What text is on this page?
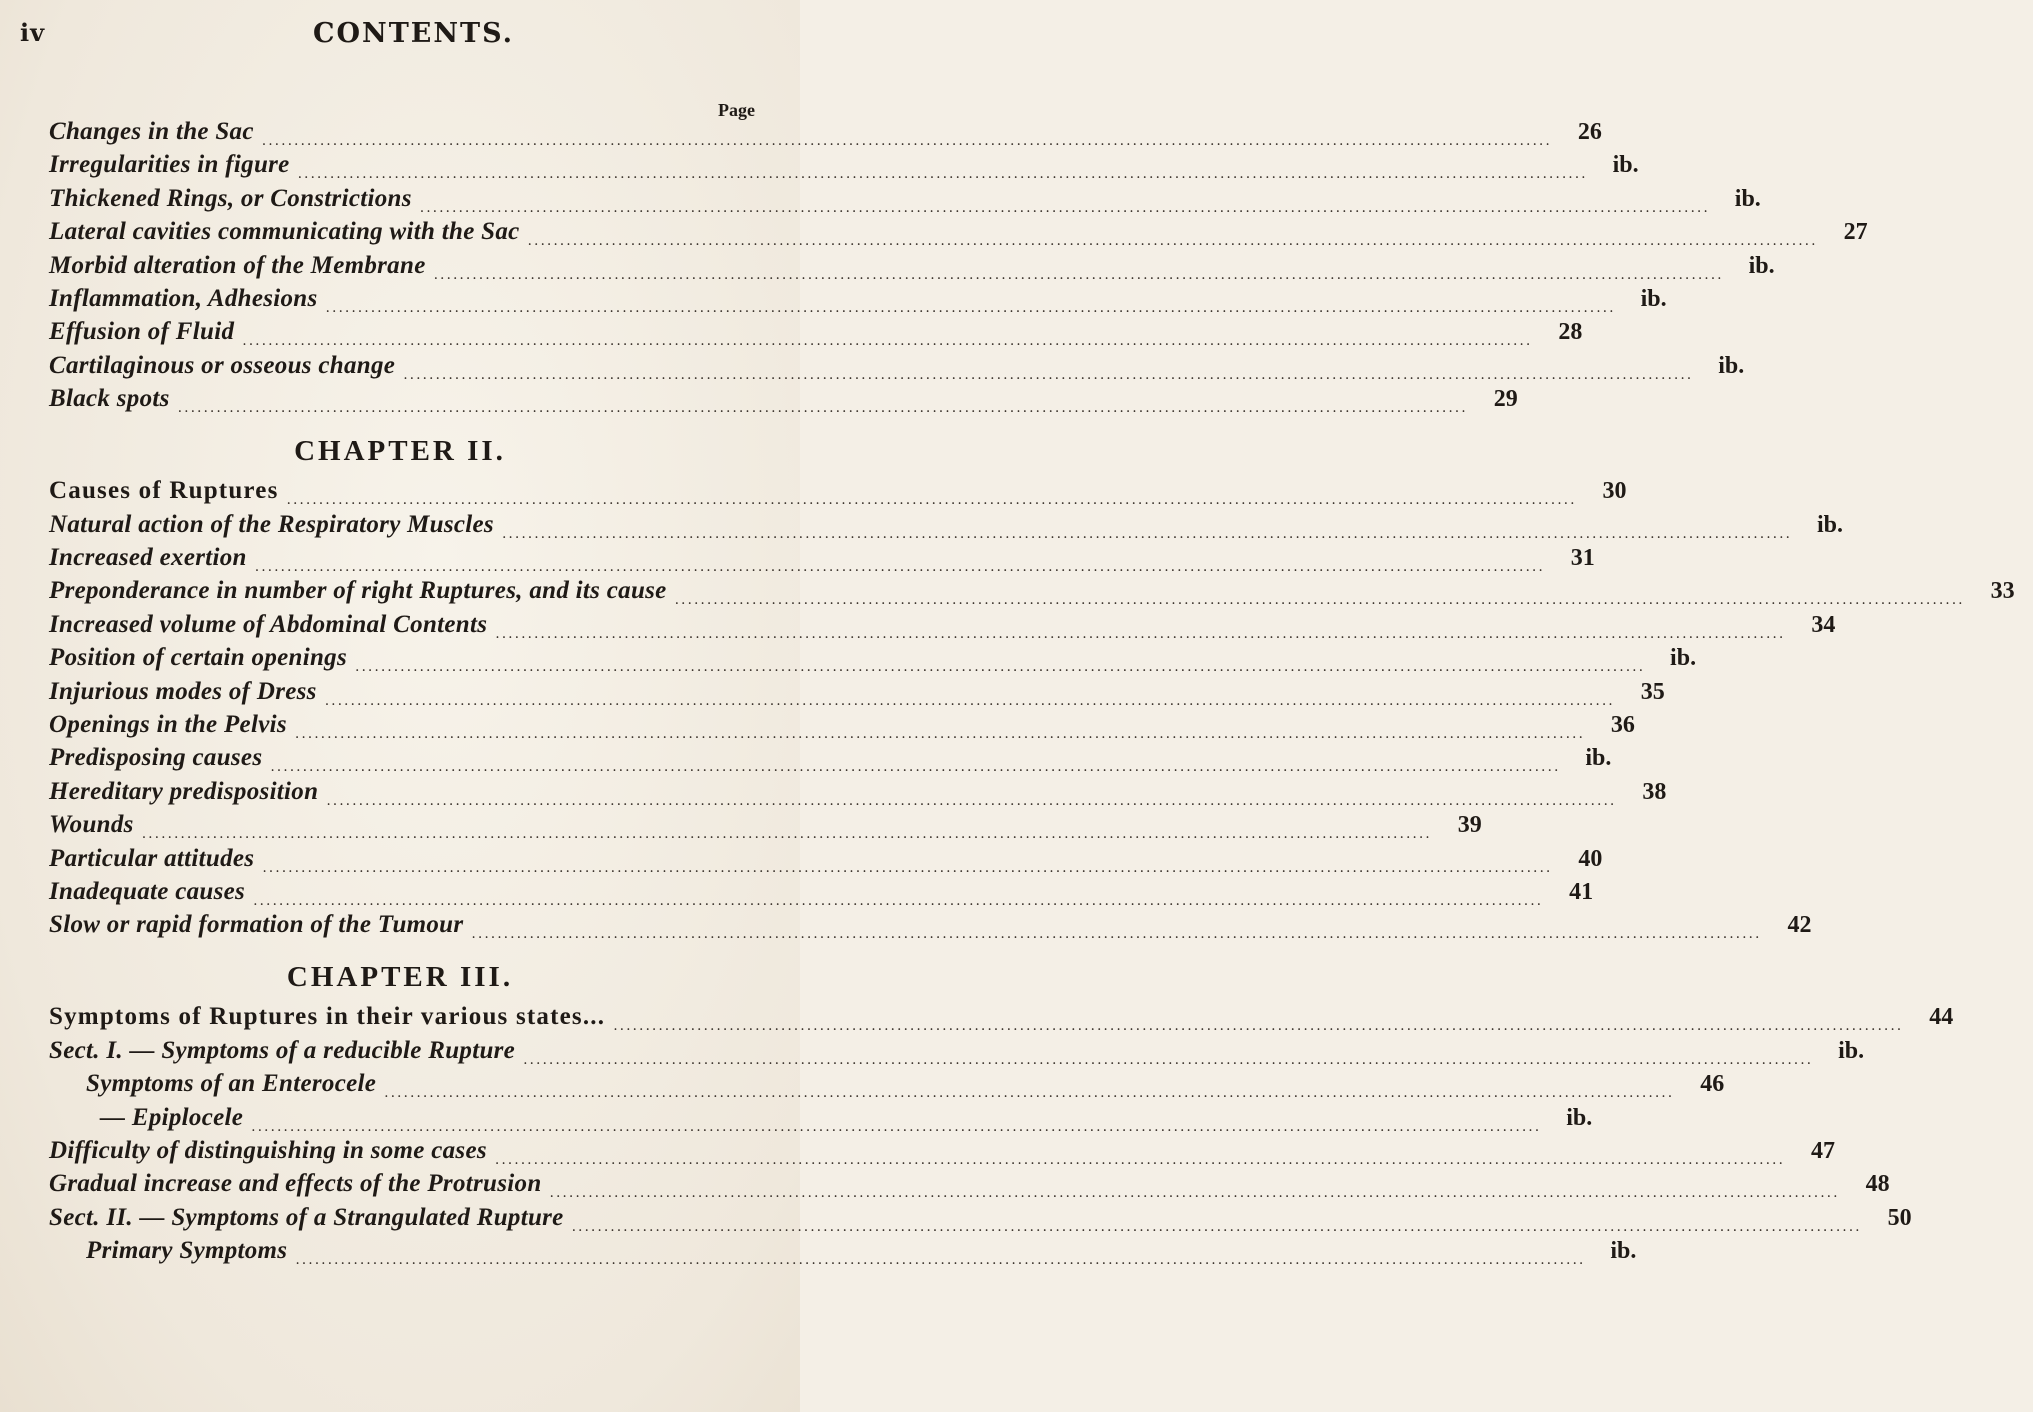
iv	CONTENTS.
Page
Changes in the Sac ........................................................................................................................................................................................................	26
Irregularities in figure ........................................................................................................................................................................................................	ib.
Thickened Rings, or Constrictions ........................................................................................................................................................................................................	ib.
Lateral cavities communicating with the Sac ........................................................................................................................................................................................................	27
Morbid alteration of the Membrane ........................................................................................................................................................................................................	ib.
Inflammation, Adhesions ........................................................................................................................................................................................................	ib.
Effusion of Fluid ........................................................................................................................................................................................................	28
Cartilaginous or osseous change ........................................................................................................................................................................................................	ib.
Black spots ........................................................................................................................................................................................................	29
CHAPTER II.
Causes of Ruptures ........................................................................................................................................................................................................	30
Natural action of the Respiratory Muscles ........................................................................................................................................................................................................	ib.
Increased exertion ........................................................................................................................................................................................................	31
Preponderance in number of right Ruptures, and its cause ........................................................................................................................................................................................................	33
Increased volume of Abdominal Contents ........................................................................................................................................................................................................	34
Position of certain openings ........................................................................................................................................................................................................	ib.
Injurious modes of Dress ........................................................................................................................................................................................................	35
Openings in the Pelvis ........................................................................................................................................................................................................	36
Predisposing causes ........................................................................................................................................................................................................	ib.
Hereditary predisposition ........................................................................................................................................................................................................	38
Wounds ........................................................................................................................................................................................................	39
Particular attitudes ........................................................................................................................................................................................................	40
Inadequate causes ........................................................................................................................................................................................................	41
Slow or rapid formation of the Tumour ........................................................................................................................................................................................................	42
CHAPTER III.
Symptoms of Ruptures in their various states... ........................................................................................................................................................................................................	44
Sect. I. — Symptoms of a reducible Rupture ........................................................................................................................................................................................................	ib.
Symptoms of an Enterocele ........................................................................................................................................................................................................	46
— Epiplocele ........................................................................................................................................................................................................	ib.
Difficulty of distinguishing in some cases ........................................................................................................................................................................................................	47
Gradual increase and effects of the Protrusion ........................................................................................................................................................................................................	48
Sect. II. — Symptoms of a Strangulated Rupture ........................................................................................................................................................................................................	50
Primary Symptoms ........................................................................................................................................................................................................	ib.
